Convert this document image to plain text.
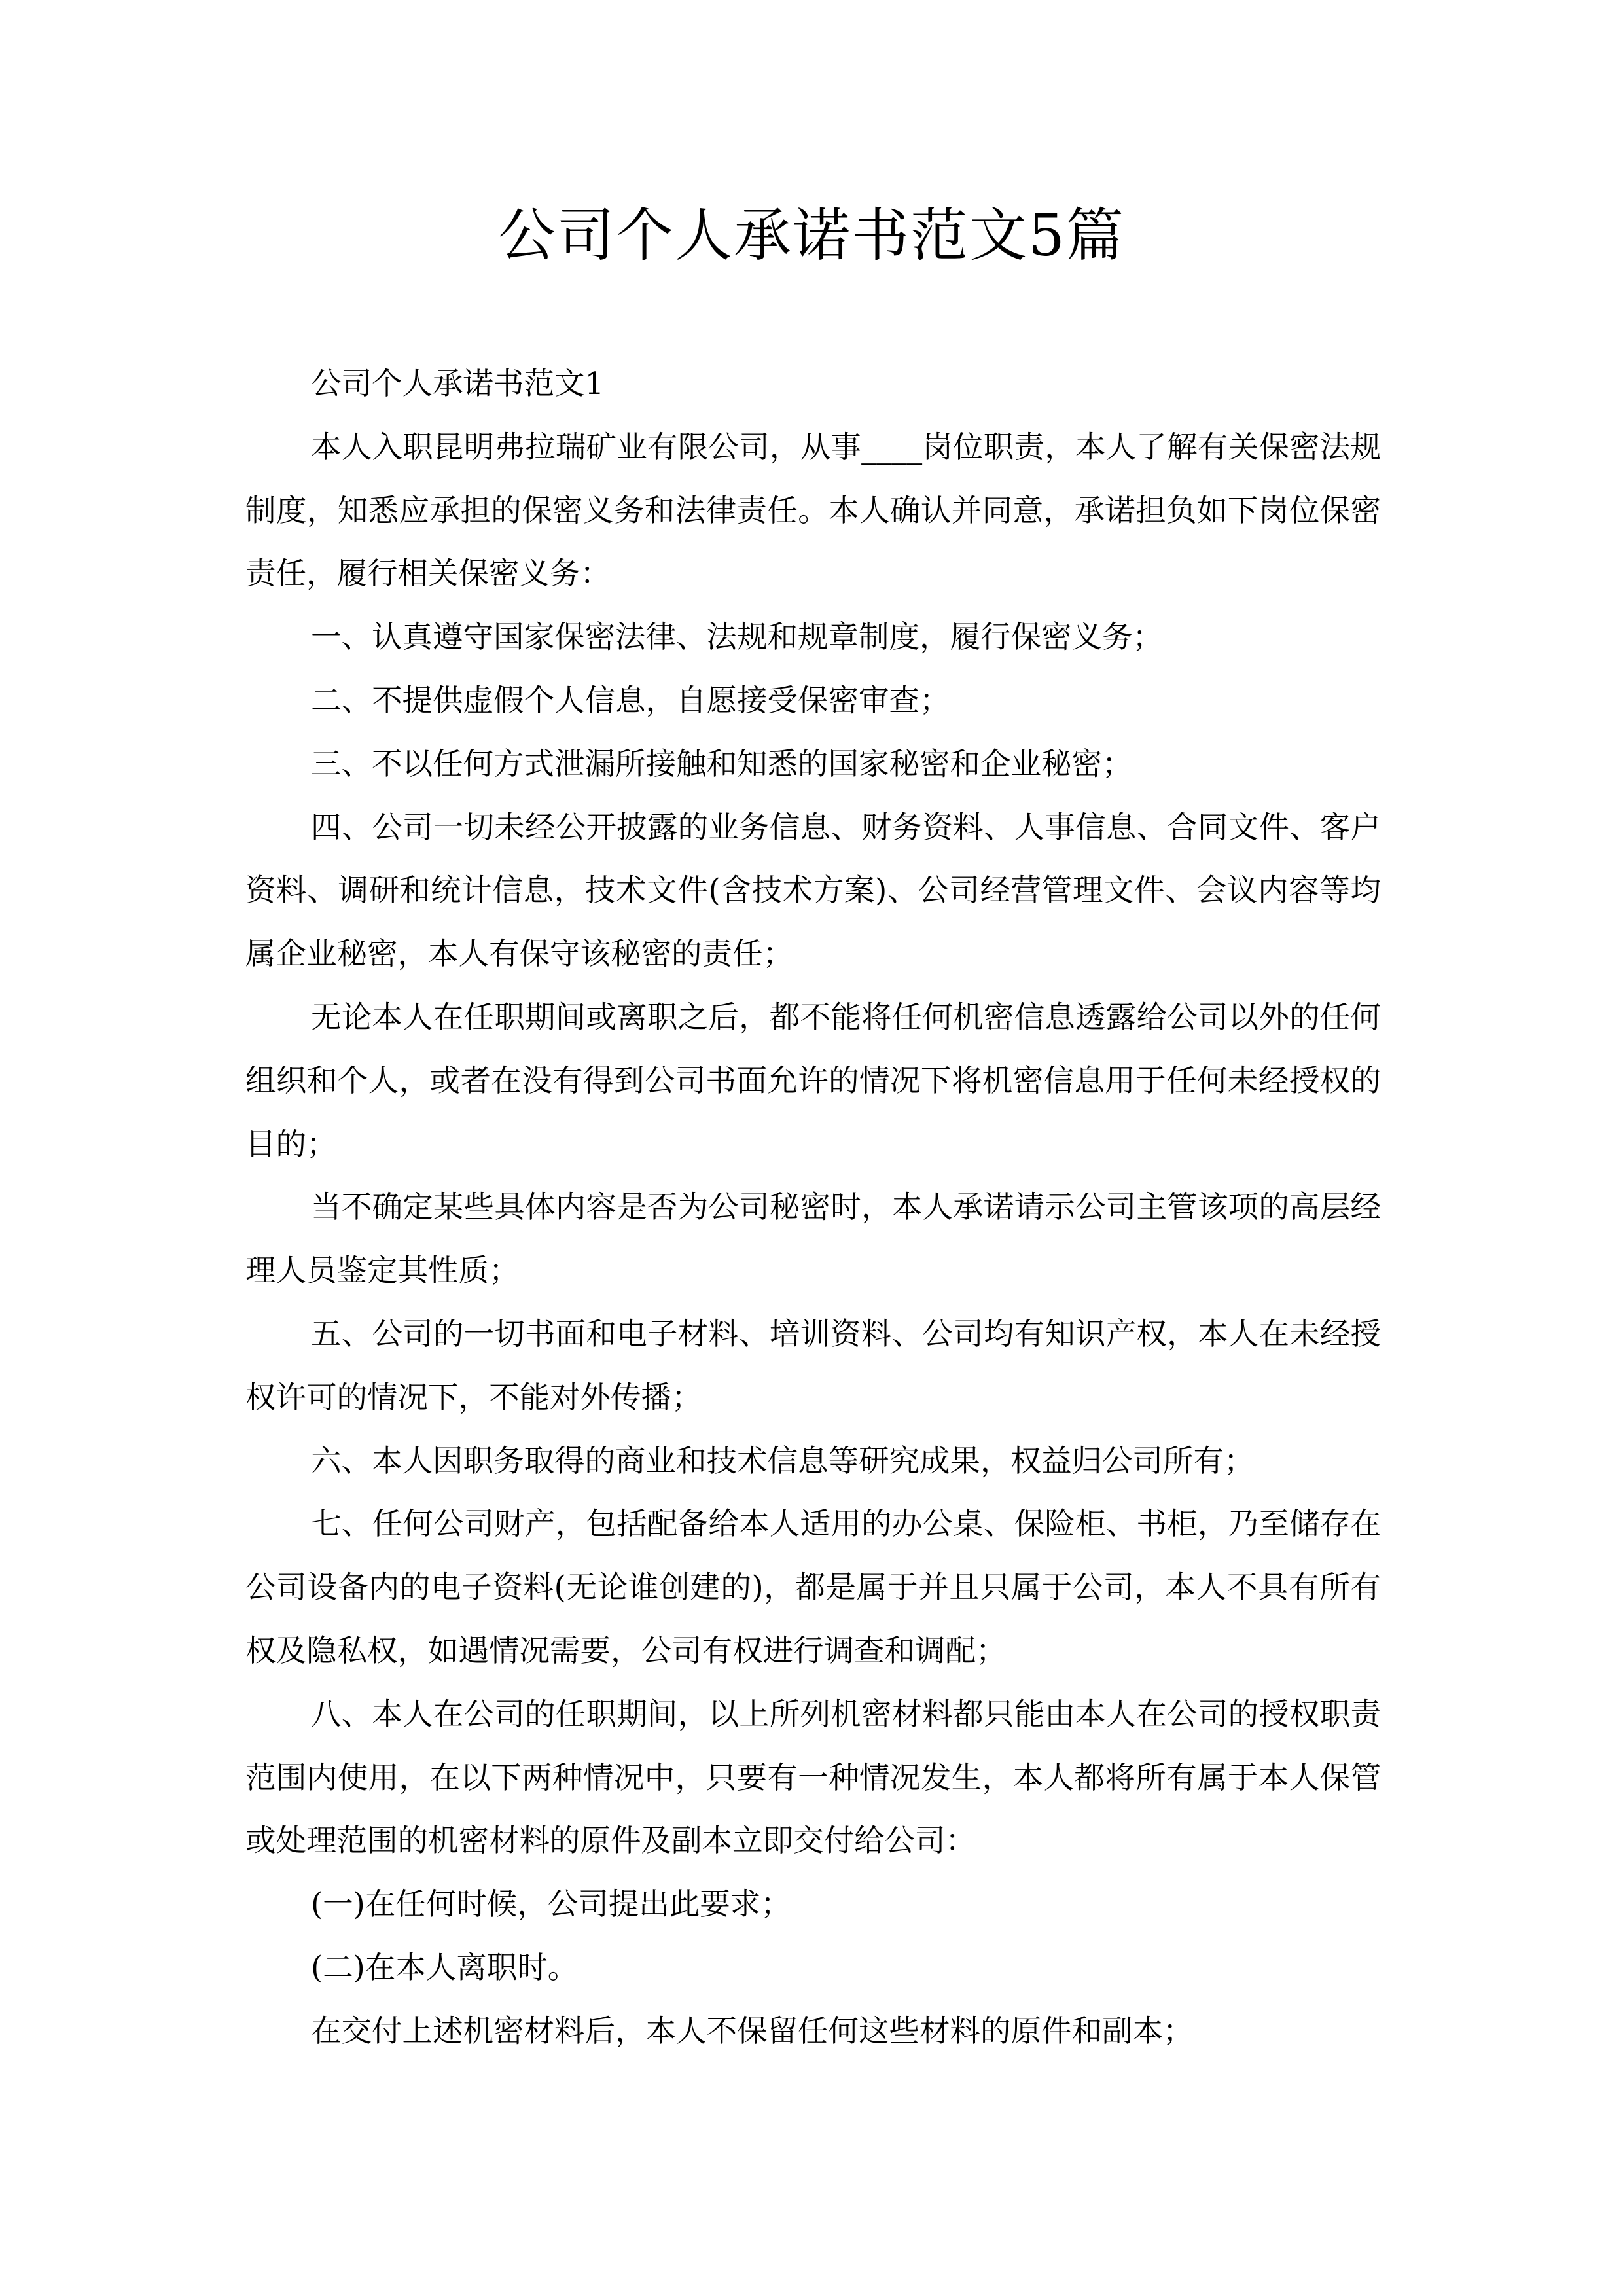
公司个人承诺书范文5篇

公司个人承诺书范文1

本人入职昆明弗拉瑞矿业有限公司，从事____岗位职责，本人了解有关保密法规制度，知悉应承担的保密义务和法律责任。本人确认并同意，承诺担负如下岗位保密责任，履行相关保密义务：

一、认真遵守国家保密法律、法规和规章制度，履行保密义务；

二、不提供虚假个人信息，自愿接受保密审查；

三、不以任何方式泄漏所接触和知悉的国家秘密和企业秘密；

四、公司一切未经公开披露的业务信息、财务资料、人事信息、合同文件、客户资料、调研和统计信息，技术文件(含技术方案)、公司经营管理文件、会议内容等均属企业秘密，本人有保守该秘密的责任；

无论本人在任职期间或离职之后，都不能将任何机密信息透露给公司以外的任何组织和个人，或者在没有得到公司书面允许的情况下将机密信息用于任何未经授权的目的；

当不确定某些具体内容是否为公司秘密时，本人承诺请示公司主管该项的高层经理人员鉴定其性质；

五、公司的一切书面和电子材料、培训资料、公司均有知识产权，本人在未经授权许可的情况下，不能对外传播；

六、本人因职务取得的商业和技术信息等研究成果，权益归公司所有；

七、任何公司财产，包括配备给本人适用的办公桌、保险柜、书柜，乃至储存在公司设备内的电子资料(无论谁创建的)，都是属于并且只属于公司，本人不具有所有权及隐私权，如遇情况需要，公司有权进行调查和调配；

八、本人在公司的任职期间，以上所列机密材料都只能由本人在公司的授权职责范围内使用，在以下两种情况中，只要有一种情况发生，本人都将所有属于本人保管或处理范围的机密材料的原件及副本立即交付给公司：

(一)在任何时候，公司提出此要求；

(二)在本人离职时。

在交付上述机密材料后，本人不保留任何这些材料的原件和副本；
